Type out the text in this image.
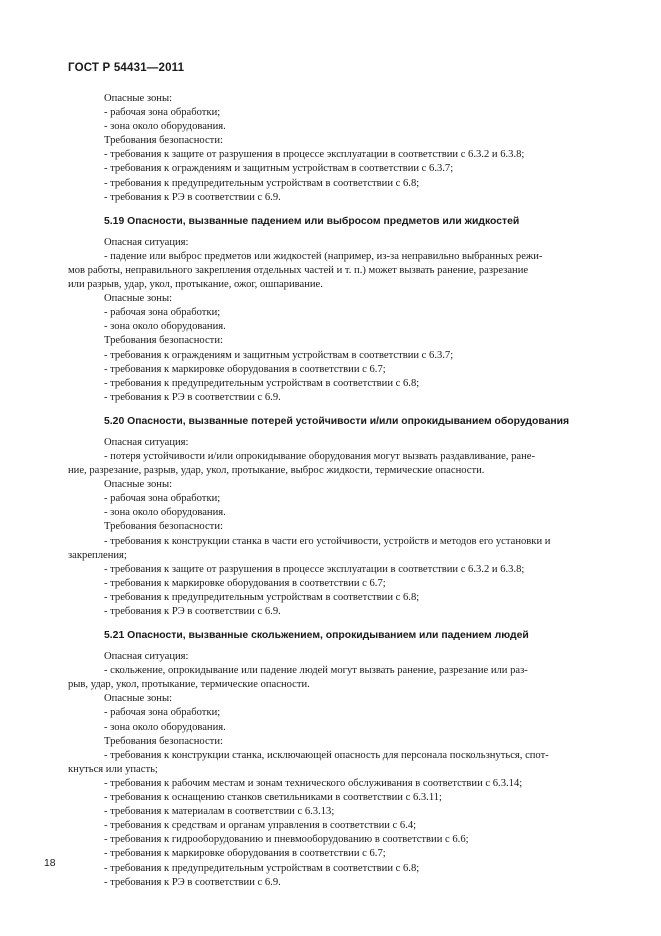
ГОСТ Р 54431—2011

Опасные зоны:

- рабочая зона обработки;

- зона около оборудования.

Требования безопасности:

- требования к защите от разрушения в процессе эксплуатации в соответствии с 6.3.2 и 6.3.8;

- требования к ограждениям и защитным устройствам в соответствии с 6.3.7;

- требования к предупредительным устройствам в соответствии с 6.8;

- требования к РЭ в соответствии с 6.9.

5.19 Опасности, вызванные падением или выбросом предметов или жидкостей

Опасная ситуация:

- падение или выброс предметов или жидкостей (например, из-за неправильно выбранных режи-

мов работы, неправильного закрепления отдельных частей и т. п.) может вызвать ранение, разрезание

или разрыв, удар, укол, протыкание, ожог, ошпаривание.

Опасные зоны:

- рабочая зона обработки;

- зона около оборудования.

Требования безопасности:

- требования к ограждениям и защитным устройствам в соответствии с 6.3.7;

- требования к маркировке оборудования в соответствии с 6.7;

- требования к предупредительным устройствам в соответствии с 6.8;

- требования к РЭ в соответствии с 6.9.

5.20 Опасности, вызванные потерей устойчивости и/или опрокидыванием оборудования

Опасная ситуация:

- потеря устойчивости и/или опрокидывание оборудования могут вызвать раздавливание, ране-

ние, разрезание, разрыв, удар, укол, протыкание, выброс жидкости, термические опасности.

Опасные зоны:

- рабочая зона обработки;

- зона около оборудования.

Требования безопасности:

- требования к конструкции станка в части его устойчивости, устройств и методов его установки и

закрепления;

- требования к защите от разрушения в процессе эксплуатации в соответствии с 6.3.2 и 6.3.8;

- требования к маркировке оборудования в соответствии с 6.7;

- требования к предупредительным устройствам в соответствии с 6.8;

- требования к РЭ в соответствии с 6.9.

5.21 Опасности, вызванные скольжением, опрокидыванием или падением людей

Опасная ситуация:

- скольжение, опрокидывание или падение людей могут вызвать ранение, разрезание или раз-

рыв, удар, укол, протыкание, термические опасности.

Опасные зоны:

- рабочая зона обработки;

- зона около оборудования.

Требования безопасности:

- требования к конструкции станка, исключающей опасность для персонала поскользнуться, спот-

кнуться или упасть;

- требования к рабочим местам и зонам технического обслуживания в соответствии с 6.3.14;

- требования к оснащению станков светильниками в соответствии с 6.3.11;

- требования к материалам в соответствии с 6.3.13;

- требования к средствам и органам управления в соответствии с 6.4;

- требования к гидрооборудованию и пневмооборудованию в соответствии с 6.6;

- требования к маркировке оборудования в соответствии с 6.7;

- требования к предупредительным устройствам в соответствии с 6.8;

- требования к РЭ в соответствии с 6.9.

18
